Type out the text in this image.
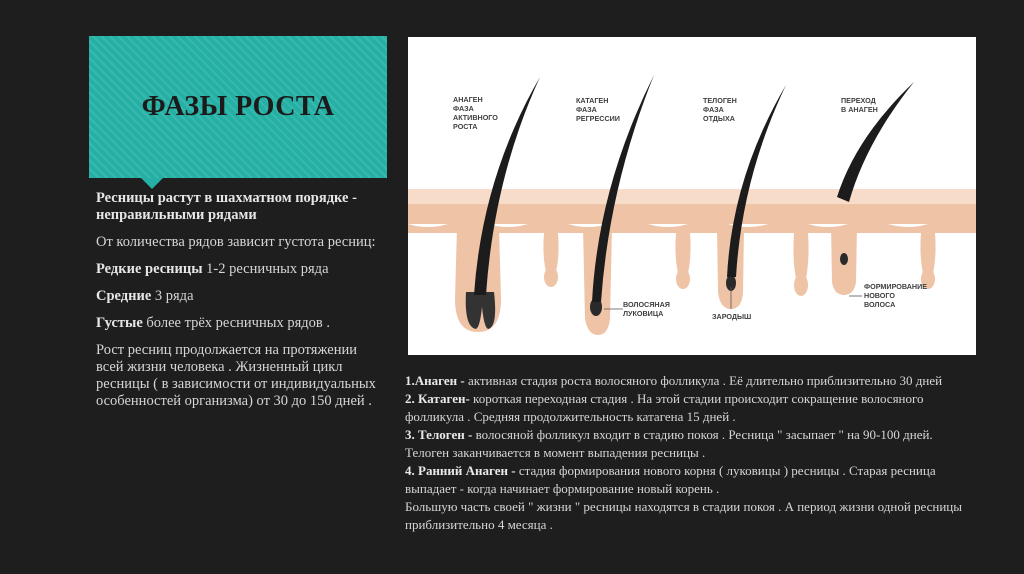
ФАЗЫ РОСТА

Ресницы растут в шахматном порядке - неправильными рядами

От количества рядов зависит густота ресниц:

Редкие ресницы 1-2 ресничных ряда

Средние 3 ряда

Густые более трёх ресничных рядов .

Рост ресниц продолжается на протяжении всей жизни человека . Жизненный цикл ресницы ( в зависимости от индивидуальных особенностей организма) от 30 до 150 дней .

АНАГЕН ФАЗА АКТИВНОГО РОСТА
КАТАГЕН ФАЗА РЕГРЕССИИ
ТЕЛОГЕН ФАЗА ОТДЫХА
ПЕРЕХОД В АНАГЕН
ВОЛОСЯНАЯ ЛУКОВИЦА	ЗАРОДЫШ
ФОРМИРОВАНИЕ НОВОГО ВОЛОСА

1.Анаген - активная стадия роста волосяного фолликула . Её длительно приблизительно 30 дней

2. Катаген- короткая переходная стадия . На этой стадии происходит сокращение волосяного фолликула . Средняя продолжительность катагена 15 дней .

3. Телоген - волосяной фолликул входит в стадию покоя . Ресница " засыпает " на 90-100 дней. Телоген заканчивается в момент выпадения ресницы .

4. Ранний Анаген - стадия формирования нового корня ( луковицы ) ресницы . Старая ресница выпадает - когда начинает формирование новый корень .

Большую часть своей " жизни " ресницы находятся в стадии покоя . А период жизни одной ресницы приблизительно 4 месяца .
